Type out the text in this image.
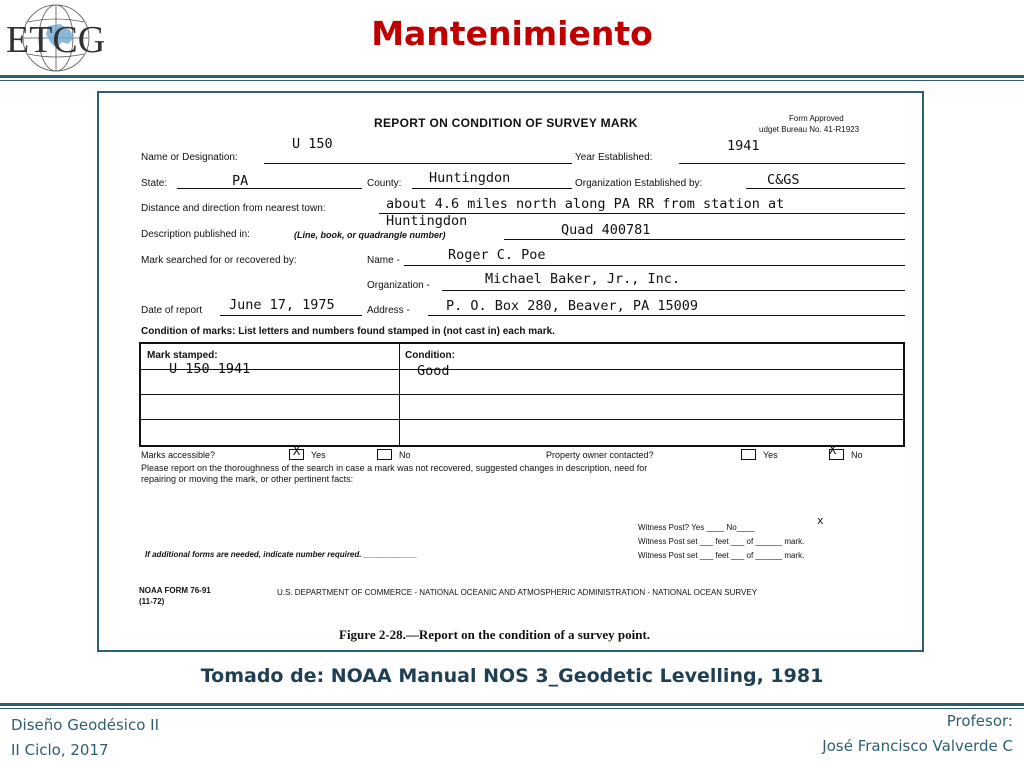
ETCG	Mantenimiento
REPORT ON CONDITION OF SURVEY MARK	Form Approved
udget Bureau No. 41-R1923
Name or Designation:
U 150
Year Established:
1941
State:	PA	County: Huntingdon	Organization Established by:	C&GS
Distance and direction from nearest town:	about 4.6 miles north along PA RR from station at
Huntingdon
Description published in:	(Line, book, or quadrangle number)	Quad 400781
Mark searched for or recovered by:	Name -	Roger C. Poe
Organization -	Michael Baker, Jr., Inc.
Date of report June 17, 1975	Address -	P. O. Box 280, Beaver, PA 15009
Condition of marks: List letters and numbers found stamped in (not cast in) each mark.
Mark stamped:	Condition:
U 150 1941	Good
Marks accessible?	X Yes	No	Property owner contacted?	Yes	X No
Please report on the thoroughness of the search in case a mark was not recovered, suggested changes in description, need for
repairing or moving the mark, or other pertinent facts:
Witness Post? Yes ____ No____
x
Witness Post set ___ feet ___ of ______ mark.
Witness Post set ___ feet ___ of ______ mark.
If additional forms are needed, indicate number required. ____________
NOAA FORM 76-91
(11-72)
U.S. DEPARTMENT OF COMMERCE - NATIONAL OCEANIC AND ATMOSPHERIC ADMINISTRATION - NATIONAL OCEAN SURVEY
Figure 2-28.—Report on the condition of a survey point.
Tomado de: NOAA Manual NOS 3_Geodetic Levelling, 1981
Diseño Geodésico II
II Ciclo, 2017
Profesor:
José Francisco Valverde C
